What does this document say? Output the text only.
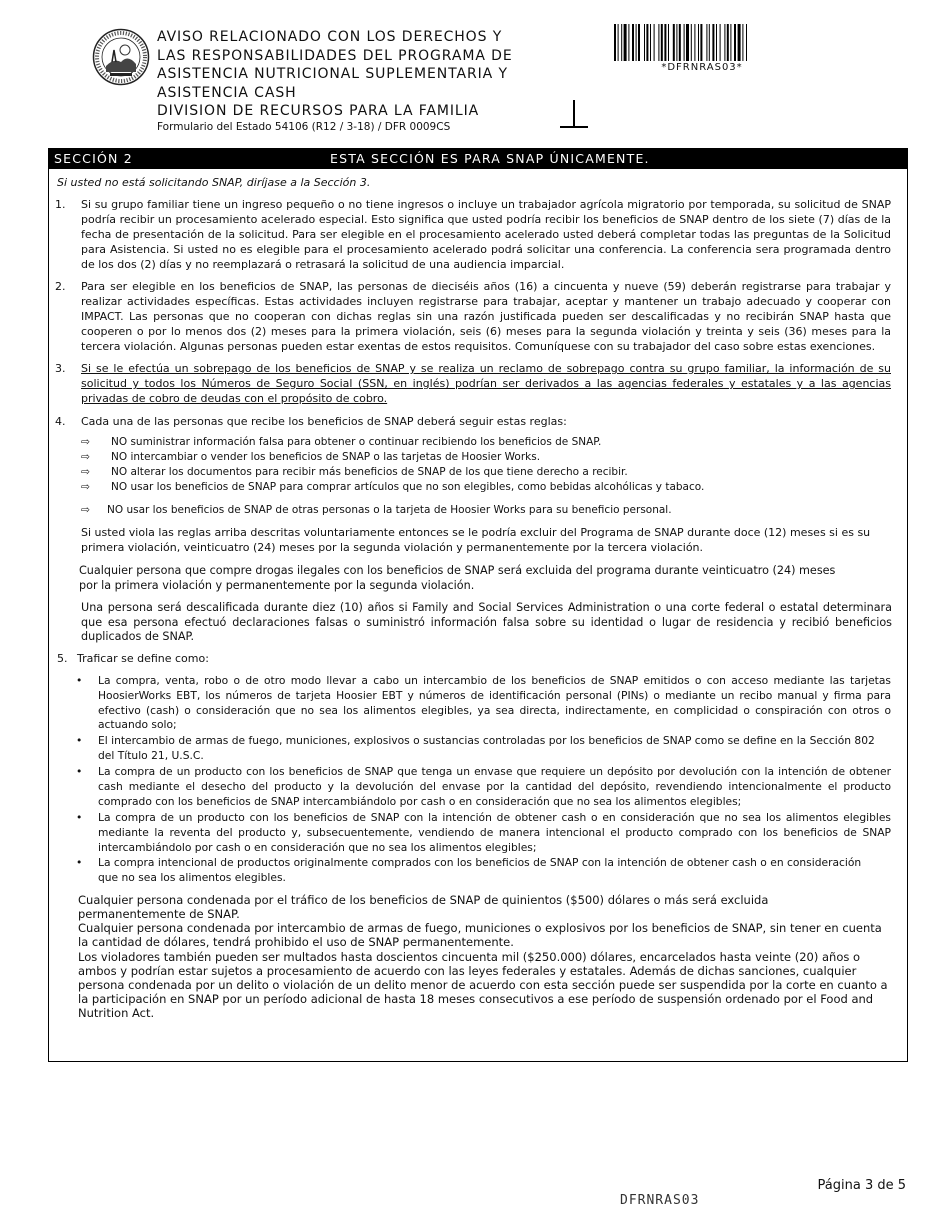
AVISO RELACIONADO CON LOS DERECHOS Y
LAS RESPONSABILIDADES DEL PROGRAMA DE
ASISTENCIA NUTRICIONAL SUPLEMENTARIA Y
ASISTENCIA CASH
DIVISION DE RECURSOS PARA LA FAMILIA
Formulario del Estado 54106 (R12 / 3-18) / DFR 0009CS
*DFRNRAS03*
SECCIÓN 2	ESTA SECCIÓN ES PARA SNAP ÚNICAMENTE.
Si usted no está solicitando SNAP, diríjase a la Sección 3.
1.	Si su grupo familiar tiene un ingreso pequeño o no tiene ingresos o incluye un trabajador agrícola migratorio por temporada, su solicitud de SNAP podría recibir un procesamiento acelerado especial. Esto significa que usted podría recibir los beneficios de SNAP dentro de los siete (7) días de la fecha de presentación de la solicitud. Para ser elegible en el procesamiento acelerado usted deberá completar todas las preguntas de la Solicitud para Asistencia. Si usted no es elegible para el procesamiento acelerado podrá solicitar una conferencia. La conferencia sera programada dentro de los dos (2) días y no reemplazará o retrasará la solicitud de una audiencia imparcial.
2.	Para ser elegible en los beneficios de SNAP, las personas de dieciséis años (16) a cincuenta y nueve (59) deberán registrarse para trabajar y realizar actividades específicas. Estas actividades incluyen registrarse para trabajar, aceptar y mantener un trabajo adecuado y cooperar con IMPACT. Las personas que no cooperan con dichas reglas sin una razón justificada pueden ser descalificadas y no recibirán SNAP hasta que cooperen o por lo menos dos (2) meses para la primera violación, seis (6) meses para la segunda violación y treinta y seis (36) meses para la tercera violación. Algunas personas pueden estar exentas de estos requisitos. Comuníquese con su trabajador del caso sobre estas exenciones.
3.	Si se le efectúa un sobrepago de los beneficios de SNAP y se realiza un reclamo de sobrepago contra su grupo familiar, la información de su solicitud y todos los Números de Seguro Social (SSN, en inglés) podrían ser derivados a las agencias federales y estatales y a las agencias privadas de cobro de deudas con el propósito de cobro.
4.	Cada una de las personas que recibe los beneficios de SNAP deberá seguir estas reglas:
⇨ NO suministrar información falsa para obtener o continuar recibiendo los beneficios de SNAP.
⇨ NO intercambiar o vender los beneficios de SNAP o las tarjetas de Hoosier Works.
⇨ NO alterar los documentos para recibir más beneficios de SNAP de los que tiene derecho a recibir.
⇨ NO usar los beneficios de SNAP para comprar artículos que no son elegibles, como bebidas alcohólicas y tabaco.
⇨ NO usar los beneficios de SNAP de otras personas o la tarjeta de Hoosier Works para su beneficio personal.
Si usted viola las reglas arriba descritas voluntariamente entonces se le podría excluir del Programa de SNAP durante doce (12) meses si es su primera violación, veinticuatro (24) meses por la segunda violación y permanentemente por la tercera violación.
Cualquier persona que compre drogas ilegales con los beneficios de SNAP será excluida del programa durante veinticuatro (24) meses por la primera violación y permanentemente por la segunda violación.
Una persona será descalificada durante diez (10) años si Family and Social Services Administration o una corte federal o estatal determinara que esa persona efectuó declaraciones falsas o suministró información falsa sobre su identidad o lugar de residencia y recibió beneficios duplicados de SNAP.
5. Traficar se define como:
• La compra, venta, robo o de otro modo llevar a cabo un intercambio de los beneficios de SNAP emitidos o con acceso mediante las tarjetas HoosierWorks EBT, los números de tarjeta Hoosier EBT y números de identificación personal (PINs) o mediante un recibo manual y firma para efectivo (cash) o consideración que no sea los alimentos elegibles, ya sea directa, indirectamente, en complicidad o conspiración con otros o actuando solo;
• El intercambio de armas de fuego, municiones, explosivos o sustancias controladas por los beneficios de SNAP como se define en la Sección 802 del Título 21, U.S.C.
• La compra de un producto con los beneficios de SNAP que tenga un envase que requiere un depósito por devolución con la intención de obtener cash mediante el desecho del producto y la devolución del envase por la cantidad del depósito, revendiendo intencionalmente el producto comprado con los beneficios de SNAP intercambiándolo por cash o en consideración que no sea los alimentos elegibles;
• La compra de un producto con los beneficios de SNAP con la intención de obtener cash o en consideración que no sea los alimentos elegibles mediante la reventa del producto y, subsecuentemente, vendiendo de manera intencional el producto comprado con los beneficios de SNAP intercambiándolo por cash o en consideración que no sea los alimentos elegibles;
• La compra intencional de productos originalmente comprados con los beneficios de SNAP con la intención de obtener cash o en consideración que no sea los alimentos elegibles.
Cualquier persona condenada por el tráfico de los beneficios de SNAP de quinientos ($500) dólares o más será excluida permanentemente de SNAP.
Cualquier persona condenada por intercambio de armas de fuego, municiones o explosivos por los beneficios de SNAP, sin tener en cuenta la cantidad de dólares, tendrá prohibido el uso de SNAP permanentemente.
Los violadores también pueden ser multados hasta doscientos cincuenta mil ($250.000) dólares, encarcelados hasta veinte (20) años o ambos y podrían estar sujetos a procesamiento de acuerdo con las leyes federales y estatales. Además de dichas sanciones, cualquier persona condenada por un delito o violación de un delito menor de acuerdo con esta sección puede ser suspendida por la corte en cuanto a la participación en SNAP por un período adicional de hasta 18 meses consecutivos a ese período de suspensión ordenado por el Food and Nutrition Act.
Página 3 de 5
DFRNRAS03
